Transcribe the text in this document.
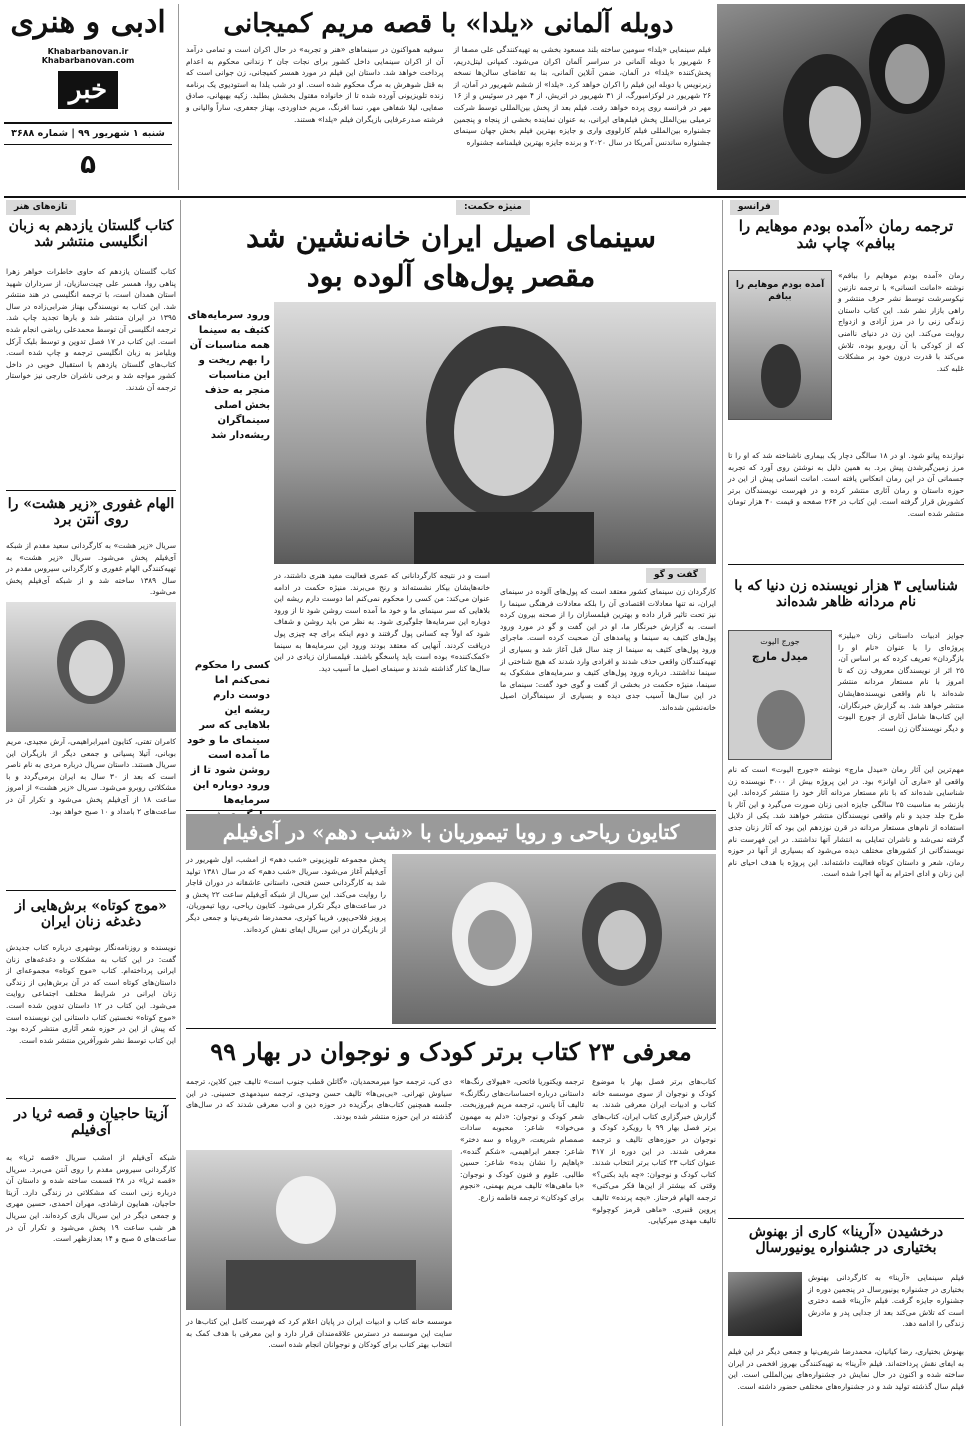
ادبی و هنری
Khabarbanovan.ir Khabarbanovan.com
خبر
شنبه ۱ شهریور ۹۹ | شماره ۳۶۸۸
۵
دوبله آلمانی «یلدا» با قصه مریم کمیجانی
فیلم سینمایی «یلدا» سومین ساخته بلند مسعود بخشی به تهیه‌کنندگی علی مصفا از ۶ شهریور با دوبله آلمانی در سراسر آلمان اکران می‌شود. کمپانی لیتل‌دریم، پخش‌کننده «یلدا» در آلمان، ضمن آنلاین آلمانی، بنا به تقاضای سالن‌ها نسخه زیرنویس یا دوبله این فیلم را اکران خواهد کرد. «یلدا» از ششم شهریور در آمان، از ۲۶ شهریور در لوکزامبورگ، از ۳۱ شهریور در اتریش، از ۴ مهر در سوئیس و از ۱۶ مهر در فرانسه روی پرده خواهد رفت. فیلم بعد از پخش بین‌المللی توسط شرکت ترمیلی بین‌الملل پخش فیلم‌های ایرانی، به عنوان نماینده بخشی از پنجاه و پنجمین جشنواره بین‌المللی فیلم کارلووی واری و جایزه بهترین فیلم بخش جهان سینمای جشنواره ساندنس آمریکا در سال ۲۰۲۰ و برنده جایزه بهترین فیلمنامه جشنواره
سوفیه همواکنون در سینماهای «هنر و تجربه» در حال اکران است و تمامی درآمد آن از اکران سینمایی داخل کشور برای نجات جان ۲ زندانی محکوم به اعدام پرداخت خواهد شد. داستان این فیلم در مورد همسر کمیجانی، زن جوانی است که به قتل شوهرش به مرگ محکوم شده است. او در شب یلدا به استودیوی یک برنامه زنده تلویزیونی آورده شده تا از خانواده مقتول بخشش بطلبد. زکیه بهبهانی، صادق صفایی، لیلا شفاهی مهر، نسا افرنگ، مریم خداوردی، بهناز جعفری، ساراً والیانی و فرشته صدرعرفایی بازیگران فیلم «یلدا» هستند.
فرانسو
ترجمه رمان «آمده بودم موهایم را ببافم» چاپ شد
رمان «آمده بودم موهایم را ببافم» نوشته «امانت انسانی» با ترجمه نازنین نیکوسرشت توسط نشر حرف منتشر و راهی بازار نشر شد. این کتاب داستان زندگی زنی را در مرز آزادی و ازدواج روایت می‌کند. این زن در دنیای ناامنی که از کودکی با آن روبرو بوده، تلاش می‌کند با قدرت درون خود بر مشکلات غلبه کند.
آمده بودم موهایم را ببافم
نوازنده پیانو شود. او در ۱۸ سالگی دچار یک بیماری ناشناخته شد که او را تا مرز زمین‌گیرشدن پیش برد. به همین دلیل به نوشتن روی آورد که تجربه جسمانی آن در این رمان انعکاس یافته است. امانت انسانی پیش از این در حوزه داستان و رمان آثاری منتشر کرده و در فهرست نویسندگان برتر کشورش قرار گرفته است. این کتاب در ۲۶۴ صفحه و قیمت ۴۰ هزار تومان منتشر شده است.
شناسایی ۳ هزار نویسنده زن دنیا که با نام مردانه ظاهر شده‌اند
جوایز ادبیات داستانی زنان «بیلیز» پروژه‌ای را با عنوان «نام او را بازگردان» تعریف کرده که بر اساس آن، ۲۵ اثر از نویسندگان معروف زن که تا امروز با نام مستعار مردانه منتشر شده‌اند با نام واقعی نویسنده‌هایشان منتشر خواهد شد. به گزارش خبرنگاران، این کتاب‌ها شامل آثاری از جورج الیوت و دیگر نویسندگان زن است.
جورج الیوت
میدل مارچ
مهم‌ترین این آثار رمان «میدل مارچ» نوشته «جورج الیوت» است که نام واقعی او «ماری آن اوانز» بود. در این پروژه بیش از ۳۰۰۰ نویسنده زن شناسایی شده‌اند که با نام مستعار مردانه آثار خود را منتشر کرده‌اند. این بازنشر به مناسبت ۲۵ سالگی جایزه ادبی زنان صورت می‌گیرد و این آثار با طرح جلد جدید و نام واقعی نویسندگان منتشر خواهند شد. یکی از دلایل استفاده از نام‌های مستعار مردانه در قرن نوزدهم این بود که آثار زنان جدی گرفته نمی‌شد و ناشران تمایلی به انتشار آنها نداشتند. در این فهرست نام نویسندگانی از کشورهای مختلف دیده می‌شود که بسیاری از آنها در حوزه رمان، شعر و داستان کوتاه فعالیت داشته‌اند. این پروژه با هدف احیای نام این زنان و ادای احترام به آنها اجرا شده است.
درخشیدن «آرینا» کاری از بهنوش بختیاری در جشنواره یونیورسال
فیلم سینمایی «آرینا» به کارگردانی بهنوش بختیاری در جشنواره یونیورسال در پنجمین دوره از جشنواره جایزه گرفت. فیلم «آرینا» قصه دختری است که تلاش می‌کند بعد از جدایی پدر و مادرش زندگی را ادامه دهد.
بهنوش بختیاری، رضا کیانیان، محمدرضا شریفی‌نیا و جمعی دیگر در این فیلم به ایفای نقش پرداخته‌اند. فیلم «آرینا» به تهیه‌کنندگی بهروز افخمی در ایران ساخته شده و اکنون در حال نمایش در جشنواره‌های بین‌المللی است. این فیلم سال گذشته تولید شد و در جشنواره‌های مختلفی حضور داشته است.
تازه‌های هنر
کتاب گلستان یازدهم به زبان انگلیسی منتشر شد
کتاب گلستان یازدهم که حاوی خاطرات خواهر زهرا پناهی روا، همسر علی چیت‌سازیان، از سرداران شهید استان همدان است، با ترجمه انگلیسی در هند منتشر شد. این کتاب به نویسندگی بهناز ضرابی‌زاده در سال ۱۳۹۵ در ایران منتشر شد و بارها تجدید چاپ شد. ترجمه انگلیسی آن توسط محمدعلی ریاضی انجام شده است. این کتاب در ۱۷ فصل تدوین و توسط بلیک آرکل ویلیامز به زبان انگلیسی ترجمه و چاپ شده است. کتاب‌های گلستان یازدهم با استقبال خوبی در داخل کشور مواجه شد و برخی ناشران خارجی نیز خواستار ترجمه آن شدند.
الهام غفوری «زیر هشت» را روی آنتن برد
سریال «زیر هشت» به کارگردانی سعید مقدم از شبکه آی‌فیلم پخش می‌شود. سریال «زیر هشت» به تهیه‌کنندگی الهام غفوری و کارگردانی سیروس مقدم در سال ۱۳۸۹ ساخته شد و از شبکه آی‌فیلم پخش می‌شود.
کامران تفتی، کتایون امیرابراهیمی، آرش مجیدی، مریم بوبانی، آتیلا پسیانی و جمعی دیگر از بازیگران این سریال هستند. داستان سریال درباره مردی به نام ناصر است که بعد از ۳۰ سال به ایران برمی‌گردد و با مشکلاتی روبرو می‌شود. سریال «زیر هشت» از امروز ساعت ۱۸ از آی‌فیلم پخش می‌شود و تکرار آن در ساعت‌های ۲ بامداد و ۱۰ صبح خواهد بود.
«موج کوتاه» برش‌هایی از دغدغه زنان ایران
نویسنده و روزنامه‌نگار بوشهری درباره کتاب جدیدش گفت: در این کتاب به مشکلات و دغدغه‌های زنان ایرانی پرداخته‌ام. کتاب «موج کوتاه» مجموعه‌ای از داستان‌های کوتاه است که در آن برش‌هایی از زندگی زنان ایرانی در شرایط مختلف اجتماعی روایت می‌شود. این کتاب در ۱۲ داستان تدوین شده است. «موج کوتاه» نخستین کتاب داستانی این نویسنده است که پیش از این در حوزه شعر آثاری منتشر کرده بود. این کتاب توسط نشر شورآفرین منتشر شده است.
آزیتا حاجیان و قصه ثریا در آی‌فیلم
شبکه آی‌فیلم از امشب سریال «قصه ثریا» به کارگردانی سیروس مقدم را روی آنتن می‌برد. سریال «قصه ثریا» در ۲۸ قسمت ساخته شده و داستان آن درباره زنی است که مشکلاتی در زندگی دارد. آزیتا حاجیان، همایون ارشادی، مهران احمدی، حسین مهری و جمعی دیگر در این سریال بازی کرده‌اند. این سریال هر شب ساعت ۱۹ پخش می‌شود و تکرار آن در ساعت‌های ۵ صبح و ۱۴ بعدازظهر است.
منیژه حکمت:
سینمای اصیل ایران خانه‌نشین شد
مقصر پول‌های آلوده بود
ورود سرمایه‌های کثیف به سینما همه مناسبات آن را بهم ریخت و این مناسبات منجر به حذف بخش اصلی سینماگران ریشه‌دار شد
کسی را محکوم نمی‌کنم اما دوست دارم ریشه این بلاهایی که سر سینمای ما و خود ما آمده است روشن شود تا از ورود دوباره این سرمایه‌ها
گفت و گو
کارگردان زن سینمای کشور معتقد است که پول‌های آلوده در سینمای ایران، نه تنها معادلات اقتصادی آن را بلکه معادلات فرهنگی سینما را نیز تحت تاثیر قرار داده و بهترین فیلمسازان را از صحنه بیرون کرده است. به گزارش خبرنگار ما، او در این گفت و گو در مورد ورود پول‌های کثیف به سینما و پیامدهای آن صحبت کرده است. ماجرای ورود پول‌های کثیف به سینما از چند سال قبل آغاز شد و بسیاری از تهیه‌کنندگان واقعی حذف شدند و افرادی وارد شدند که هیچ شناختی از سینما نداشتند. درباره ورود پول‌های کثیف و سرمایه‌های مشکوک به سینما، منیژه حکمت در بخشی از گفت و گوی خود گفت: سینمای ما در این سال‌ها آسیب جدی دیده و بسیاری از سینماگران اصیل خانه‌نشین شده‌اند.
است و در نتیجه کارگردانانی که عمری فعالیت مفید هنری داشتند، در خانه‌هایشان بیکار نشسته‌اند و رنج می‌برند. منیژه حکمت در ادامه عنوان می‌کند: من کسی را محکوم نمی‌کنم اما دوست دارم ریشه این بلاهایی که سر سینمای ما و خود ما آمده است روشن شود تا از ورود دوباره این سرمایه‌ها جلوگیری شود. به نظر من باید روشن و شفاف شود که اولاً چه کسانی پول گرفتند و دوم اینکه برای چه چیزی پول دریافت کردند. آنهایی که معتقد بودند ورود این سرمایه‌ها به سینما «کمک‌کننده» بوده است باید پاسخگو باشند. فیلمسازان زیادی در این سال‌ها کنار گذاشته شدند و سینمای اصیل ما آسیب دید.
کتایون ریاحی و رویا تیموریان با «شب دهم» در آی‌فیلم
پخش مجموعه تلویزیونی «شب دهم» از امشب، اول شهریور در آی‌فیلم آغاز می‌شود. سریال «شب دهم» که در سال ۱۳۸۱ تولید شد به کارگردانی حسن فتحی، داستانی عاشقانه در دوران قاجار را روایت می‌کند. این سریال از شبکه آی‌فیلم ساعت ۲۲ پخش و در ساعت‌های دیگر تکرار می‌شود. کتایون ریاحی، رویا تیموریان، پرویز فلاحی‌پور، فریبا کوثری، محمدرضا شریفی‌نیا و جمعی دیگر از بازیگران در این سریال ایفای نقش کرده‌اند.
معرفی ۲۳ کتاب برتر کودک و نوجوان در بهار ۹۹
کتاب‌های برتر فصل بهار با موضوع کودک و نوجوان از سوی موسسه خانه کتاب و ادبیات ایران معرفی شدند. به گزارش خبرگزاری کتاب ایران، کتاب‌های برتر فصل بهار ۹۹ با رویکرد کودک و نوجوان در حوزه‌های تالیف و ترجمه معرفی شدند. در این دوره از ۴۱۷ عنوان کتاب ۲۳ کتاب برتر انتخاب شدند. کتاب کودک و نوجوان: «چه باید بکنی؟» وقتی که بیشتر از این‌ها فکر می‌کنی» ترجمه الهام فرحناز. «بچه پرنده» تالیف پروین قنبری. «ماهی قرمز کوچولو» تالیف مهدی میرکیایی.
ترجمه ویکتوریا فاتحی، «هیولای رنگ‌ها» داستانی درباره احساسات‌های رنگارنگ» تالیف آنا یانس، ترجمه مریم فیروزبخت. شعر کودک و نوجوان: «دلم به مهمون می‌خواد» شاعر: محبوبه سادات صمصام شریعت، «روباه و سه دختر» شاعر: جعفر ابراهیمی، «شکم گنده»، «پاهایم را نشان بده» شاعر: حسین طالبی. علوم و فنون کودک و نوجوان: «با ماهی‌ها» تالیف مریم بهمنی، «نجوم برای کودکان» ترجمه فاطمه زارع.
دی کی، ترجمه حوا میرمحمدیان، «گاتلن قطب جنوب است» تالیف جین کلاین، ترجمه سیاوش تهرانی. «بی‌بی‌ها» تالیف حسن وحیدی، ترجمه سیدمهدی حسینی. در این جلسه همچنین کتاب‌های برگزیده در حوزه دین و ادب معرفی شدند که در سال‌های گذشته در این حوزه منتشر شده بودند.
موسسه خانه کتاب و ادبیات ایران در پایان اعلام کرد که فهرست کامل این کتاب‌ها در سایت این موسسه در دسترس علاقه‌مندان قرار دارد و این معرفی با هدف کمک به انتخاب بهتر کتاب برای کودکان و نوجوانان انجام شده است.
